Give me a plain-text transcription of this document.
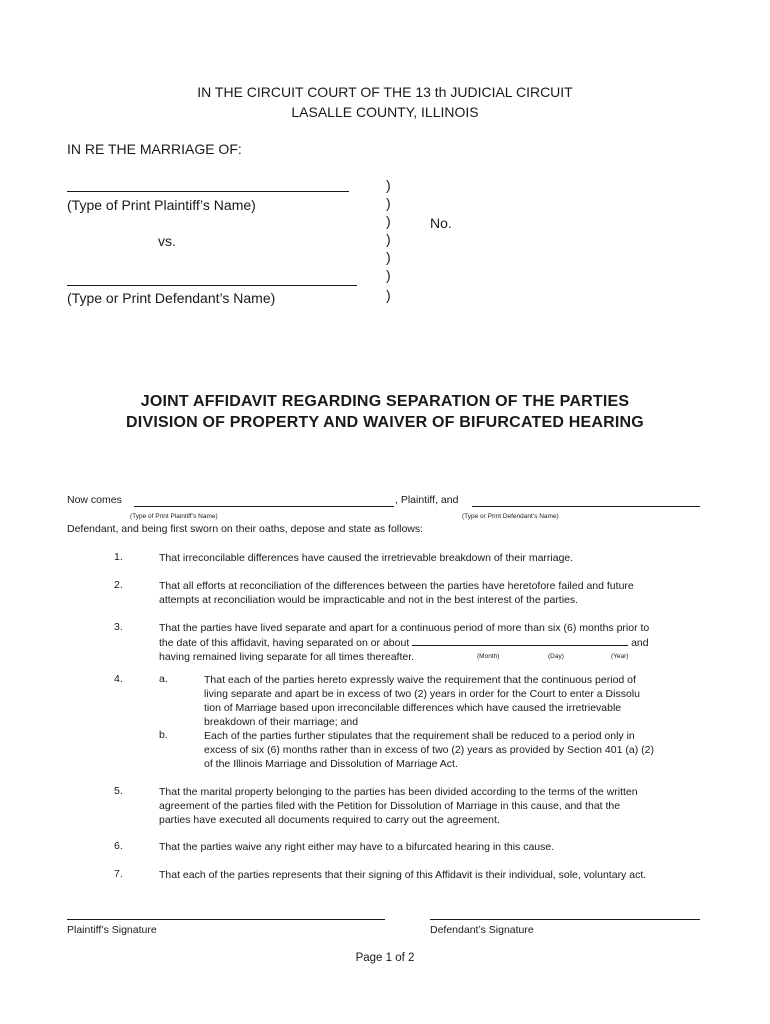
IN THE CIRCUIT COURT OF THE 13 th JUDICIAL CIRCUIT
LASALLE COUNTY, ILLINOIS
IN RE THE MARRIAGE OF:
(Type of Print Plaintiff’s Name)
vs.
(Type or Print Defendant’s Name)
)
)
)
)
)
)
)
No.
JOINT AFFIDAVIT REGARDING SEPARATION OF THE PARTIES
DIVISION OF PROPERTY AND WAIVER OF BIFURCATED HEARING
Now comes	, Plaintiff, and
(Type of Print Plaintiff’s Name)	(Type or Print Defendant’s Name)
Defendant, and being first sworn on their oaths, depose and state as follows:
1.	That irreconcilable differences have caused the irretrievable breakdown of their marriage.
2.	That all efforts at reconciliation of the differences between the parties have heretofore failed and future
attempts at reconciliation would be impracticable and not in the best interest of the parties.
3.	That the parties have lived separate and apart for a continuous period of more than six (6) months prior to
the date of this affidavit, having separated on or about	and
having remained living separate for all times thereafter.	(Month)	(Day)	(Year)
4.	a.	That each of the parties hereto expressly waive the requirement that the continuous period of
living separate and apart be in excess of two (2) years in order for the Court to enter a Dissolu
tion of Marriage based upon irreconcilable differences which have caused the irretrievable
breakdown of their marriage; and
b.	Each of the parties further stipulates that the requirement shall be reduced to a period only in
excess of six (6) months rather than in excess of two (2) years as provided by Section 401 (a) (2)
of the Illinois Marriage and Dissolution of Marriage Act.
5.	That the marital property belonging to the parties has been divided according to the terms of the written
agreement of the parties filed with the Petition for Dissolution of Marriage in this cause, and that the
parties have executed all documents required to carry out the agreement.
6.	That the parties waive any right either may have to a bifurcated hearing in this cause.
7.	That each of the parties represents that their signing of this Affidavit is their individual, sole, voluntary act.
Plaintiff’s Signature	Defendant’s Signature
Page 1 of 2
